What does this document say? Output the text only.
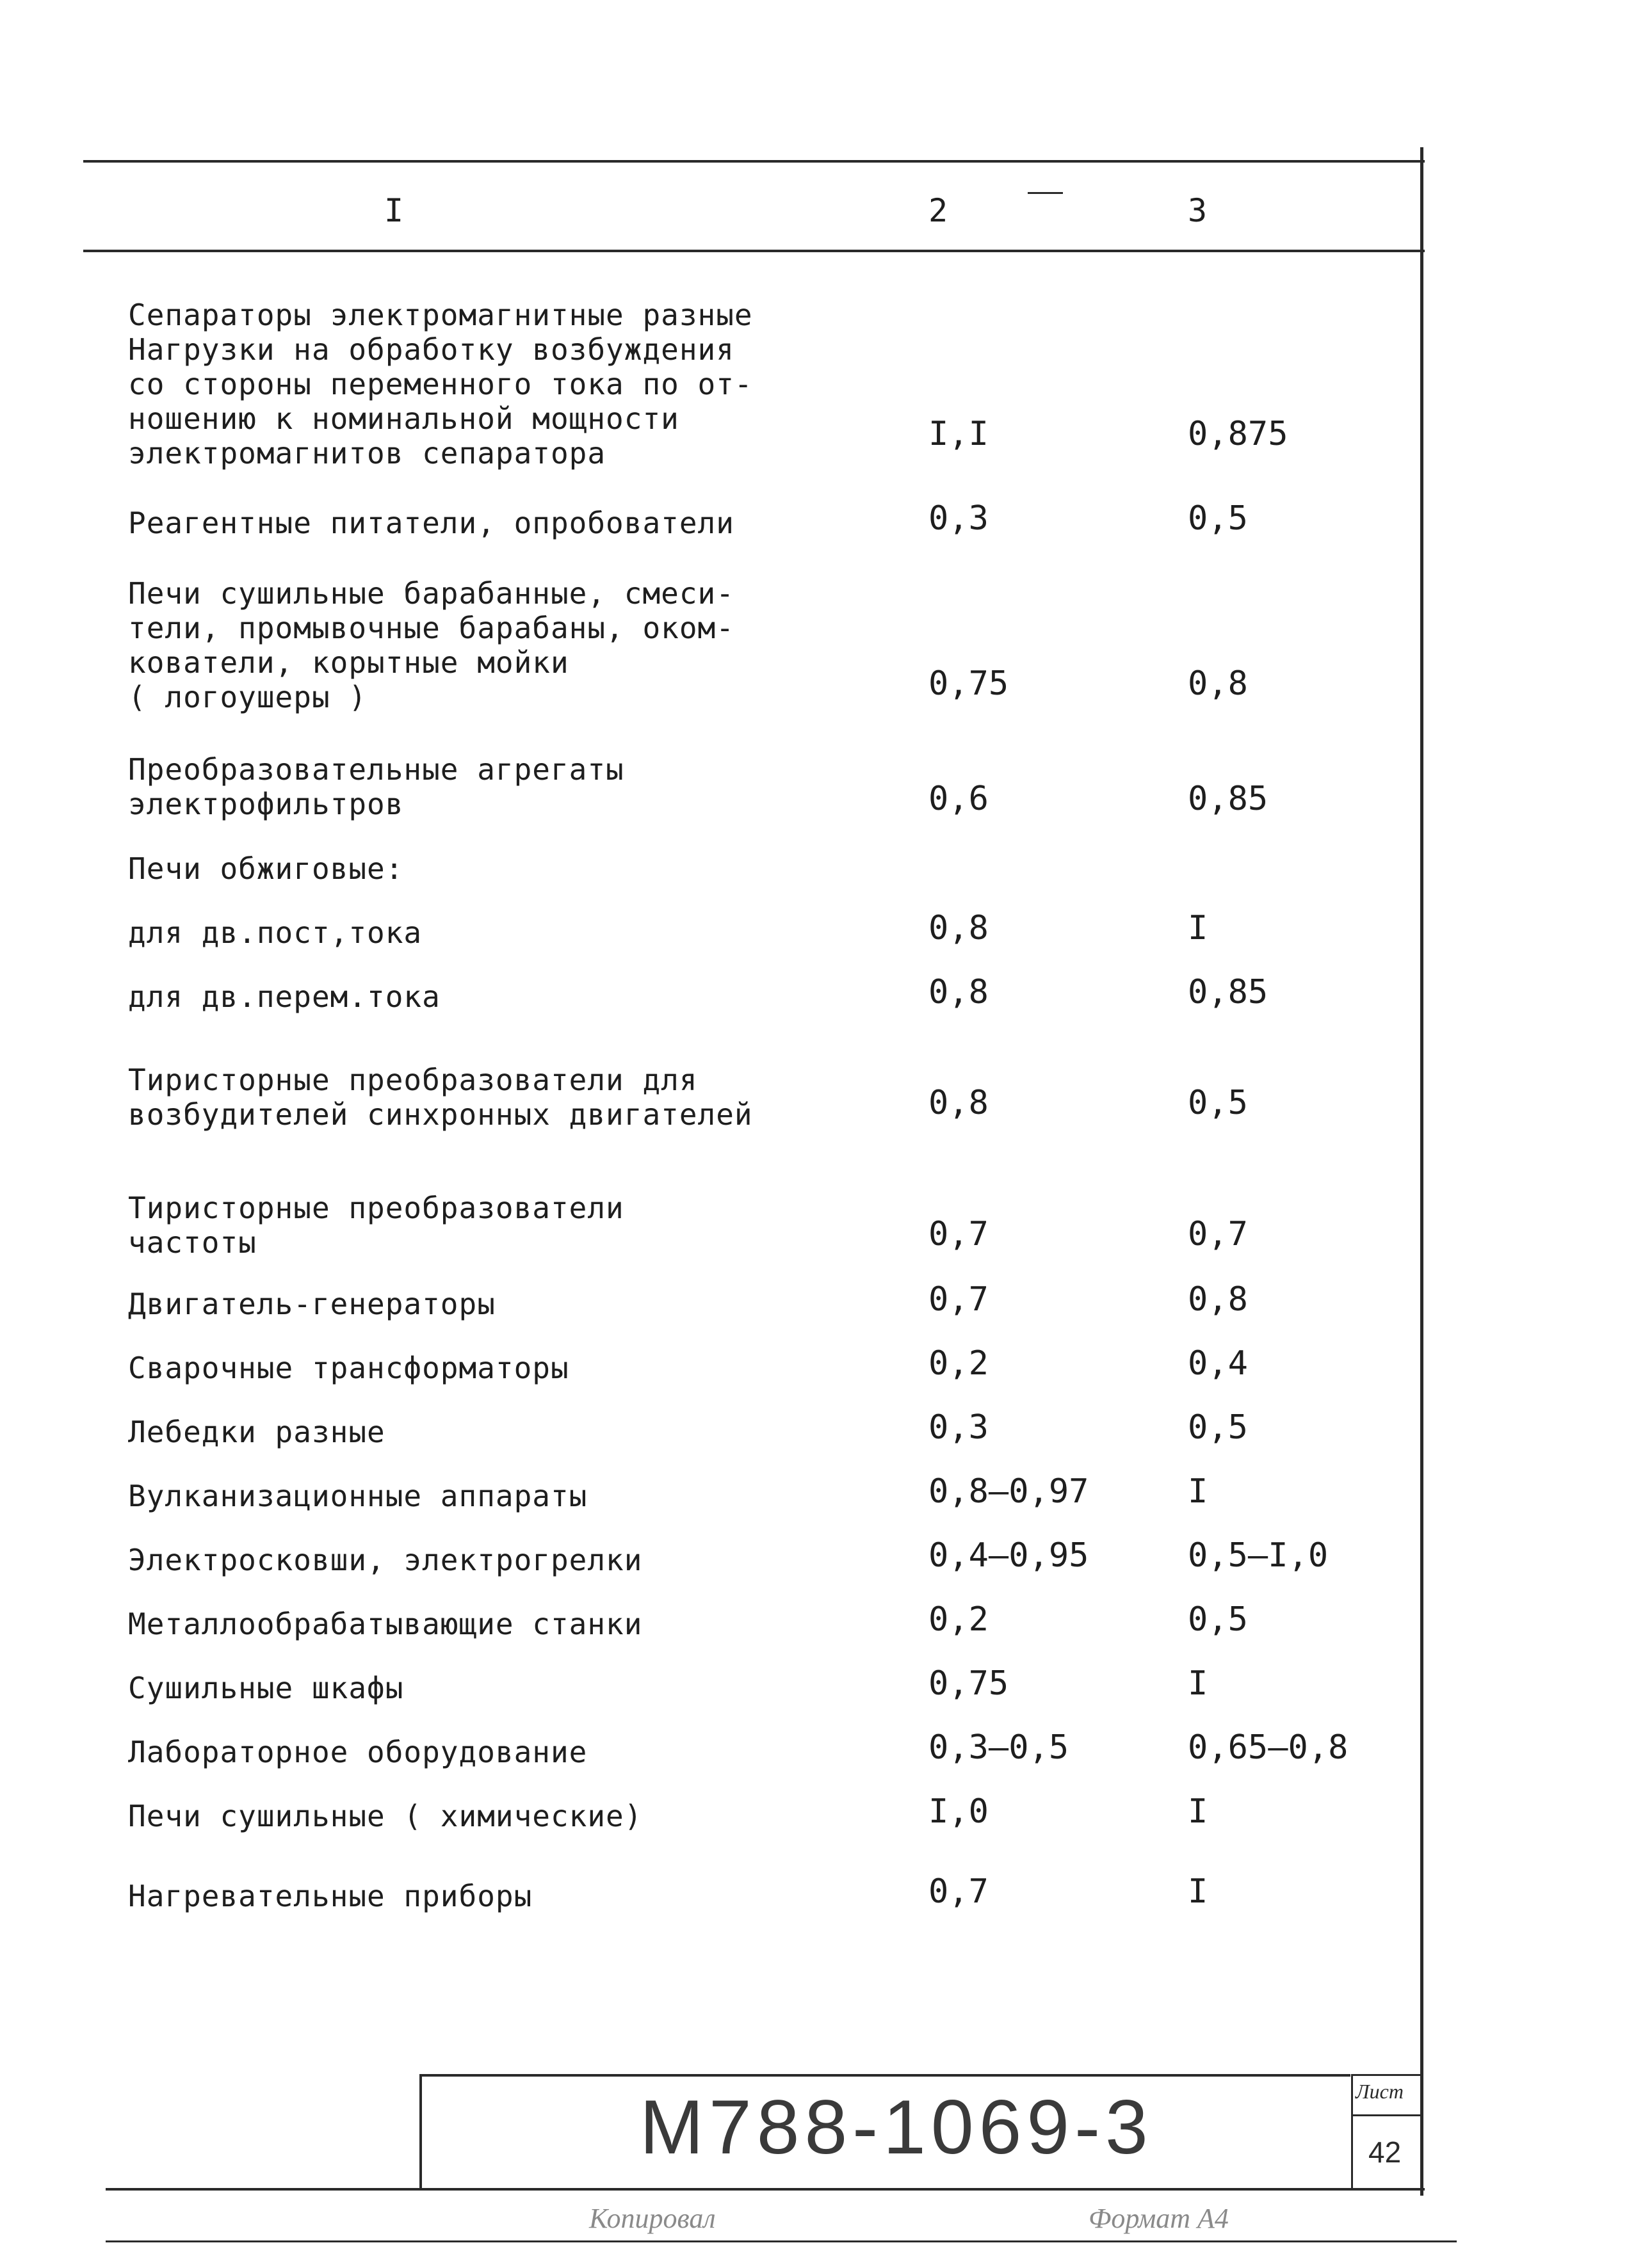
I	2	3
Сепараторы электромагнитные разные
Нагрузки на обработку возбуждения
со стороны переменного тока по от-
ношению к номинальной мощности
электромагнитов сепаратора	I,I	0,875
Реагентные питатели, опробователи	0,3	0,5
Печи сушильные барабанные, смеси-
тели, промывочные барабаны, оком-
кователи, корытные мойки
( логоушеры )	0,75	0,8
Преобразовательные агрегаты
электрофильтров	0,6	0,85
Печи обжиговые:
для дв.пост,тока	0,8	I
для дв.перем.тока	0,8	0,85
Тиристорные преобразователи для
возбудителей синхронных двигателей	0,8	0,5
Тиристорные преобразователи
частоты	0,7	0,7
Двигатель-генераторы	0,7	0,8
Сварочные трансформаторы	0,2	0,4
Лебедки разные	0,3	0,5
Вулканизационные аппараты	0,8–0,97	I
Электросковши, электрогрелки	0,4–0,95	0,5–I,0
Металлообрабатывающие станки	0,2	0,5
Сушильные шкафы	0,75	I
Лабораторное оборудование	0,3–0,5	0,65–0,8
Печи сушильные ( химические)	I,0	I
Нагревательные приборы	0,7	I
М788-1069-3	Лист
42
Копировал	Формат А4
